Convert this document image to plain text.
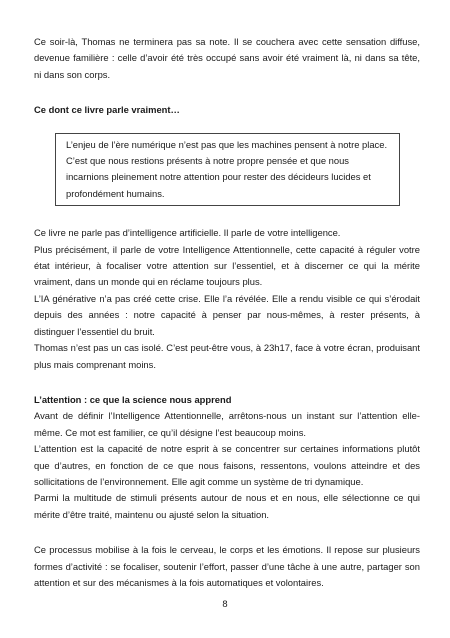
Ce soir-là, Thomas ne terminera pas sa note. Il se couchera avec cette sensation diffuse, devenue familière : celle d’avoir été très occupé sans avoir été vraiment là, ni dans sa tête, ni dans son corps.

Ce dont ce livre parle vraiment…

L’enjeu de l’ère numérique n’est pas que les machines pensent à notre place. C’est que nous restions présents à notre propre pensée et que nous incarnions pleinement notre attention pour rester des décideurs lucides et profondément humains.

Ce livre ne parle pas d’intelligence artificielle. Il parle de votre intelligence.

Plus précisément, il parle de votre Intelligence Attentionnelle, cette capacité à réguler votre état intérieur, à focaliser votre attention sur l’essentiel, et à discerner ce qui la mérite vraiment, dans un monde qui en réclame toujours plus.

L’IA générative n’a pas créé cette crise. Elle l’a révélée. Elle a rendu visible ce qui s’érodait depuis des années : notre capacité à penser par nous-mêmes, à rester présents, à distinguer l’essentiel du bruit.

Thomas n’est pas un cas isolé. C’est peut-être vous, à 23h17, face à votre écran, produisant plus mais comprenant moins.

L’attention : ce que la science nous apprend

Avant de définir l’Intelligence Attentionnelle, arrêtons-nous un instant sur l’attention elle-même. Ce mot est familier, ce qu’il désigne l’est beaucoup moins.

L’attention est la capacité de notre esprit à se concentrer sur certaines informations plutôt que d’autres, en fonction de ce que nous faisons, ressentons, voulons atteindre et des sollicitations de l’environnement. Elle agit comme un système de tri dynamique.

Parmi la multitude de stimuli présents autour de nous et en nous, elle sélectionne ce qui mérite d’être traité, maintenu ou ajusté selon la situation.

Ce processus mobilise à la fois le cerveau, le corps et les émotions. Il repose sur plusieurs formes d’activité : se focaliser, soutenir l’effort, passer d’une tâche à une autre, partager son attention et sur des mécanismes à la fois automatiques et volontaires.

8
